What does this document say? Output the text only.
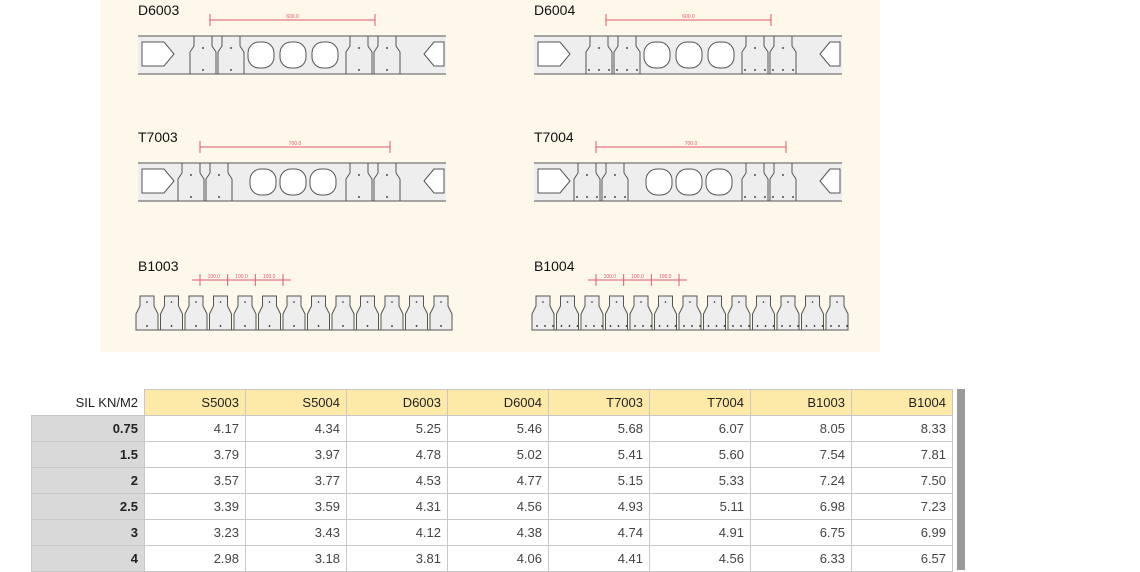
D6003	600.0	D6004	600.0
T7003	700.0	T7004	700.0
B1003
100.0	100.0	100.0
B1004
100.0	100.0	100.0
SIL KN/M2	S5003	S5004	D6003	D6004	T7003	T7004	B1003	B1004
0.75	4.17	4.34	5.25	5.46	5.68	6.07	8.05	8.33
1.5	3.79	3.97	4.78	5.02	5.41	5.60	7.54	7.81
2	3.57	3.77	4.53	4.77	5.15	5.33	7.24	7.50
2.5	3.39	3.59	4.31	4.56	4.93	5.11	6.98	7.23
3	3.23	3.43	4.12	4.38	4.74	4.91	6.75	6.99
4	2.98	3.18	3.81	4.06	4.41	4.56	6.33	6.57
